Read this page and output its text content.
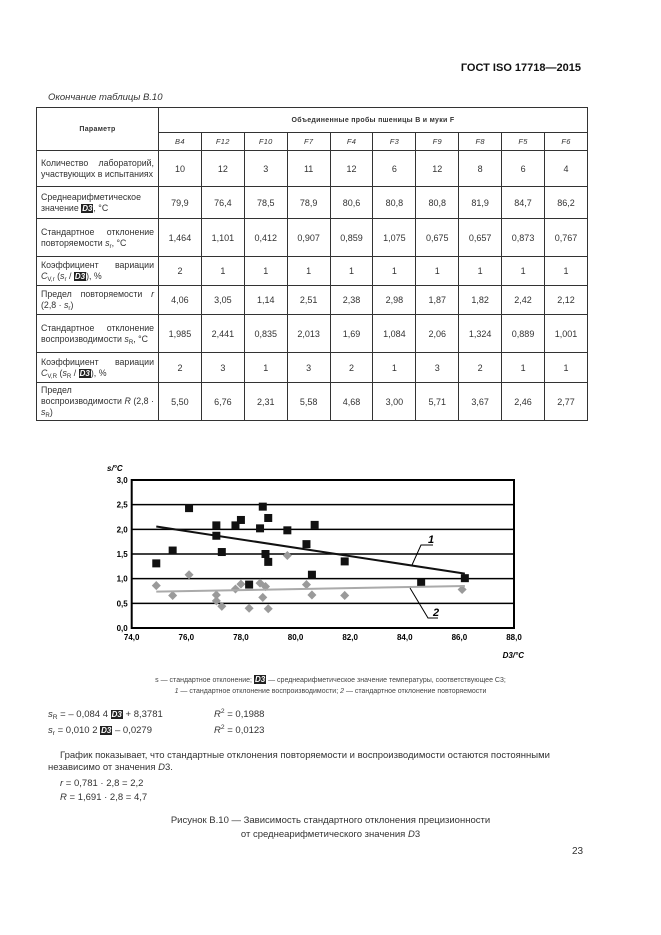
ГОСТ ISO 17718—2015
Окончание таблицы В.10
Параметр	Объединенные пробы пшеницы B и муки F									
	B4	F12	F10	F7	F4	F3	F9	F8	F5	F6
Количество лабораторий, участвующих в испытаниях	10	12	3	11	12	6	12	8	6	4
Среднеарифметическое значение D3, °С	79,9	76,4	78,5	78,9	80,6	80,8	80,8	81,9	84,7	86,2
Стандартное отклонение повторяемости $s_r$, °С	1,464	1,101	0,412	0,907	0,859	1,075	0,675	0,657	0,873	0,767
Коэффициент вариации $C_{V,r}$ $(s_r / D3)$, %	2	1	1	1	1	1	1	1	1	1
Предел повторяемости r $(2,8 \cdot s_r)$	4,06	3,05	1,14	2,51	2,38	2,98	1,87	1,82	2,42	2,12
Стандартное отклонение воспроизводимости $s_R$, °С	1,985	2,441	0,835	2,013	1,69	1,084	2,06	1,324	0,889	1,001
Коэффициент вариации $C_{V,R}$ $(s_R / D3)$, %	2	3	1	3	2	1	3	2	1	1
Предел воспроизводимости R $(2,8 \cdot s_R)$	5,50	6,76	2,31	5,58	4,68	3,00	5,71	3,67	2,46	2,77
0,0
0,5
1,0
1,5
2,0
2,5
3,0
74,0	76,0	78,0	80,0	82,0	84,0	86,0	88,0
s/°C
D3/°C
1
2
s — стандартное отклонение; D3 — среднеарифметическое значение температуры, соответствующее C3;
1 — стандартное отклонение воспроизводимости; 2 — стандартное отклонение повторяемости
$s_R$ = – 0,084 4 D3 + 8,3781	$R^2 = 0,1988$
$s_r = 0,010$ 2 D3 – 0,0279	$R^2 = 0,0123$
График показывает, что стандартные отклонения повторяемости и воспроизводимости остаются постоянными независимо от значения D3.
r = 0,781 · 2,8 = 2,2
R = 1,691 · 2,8 = 4,7
Рисунок В.10 — Зависимость стандартного отклонения прецизионности
от среднеарифметического значения D3
23
